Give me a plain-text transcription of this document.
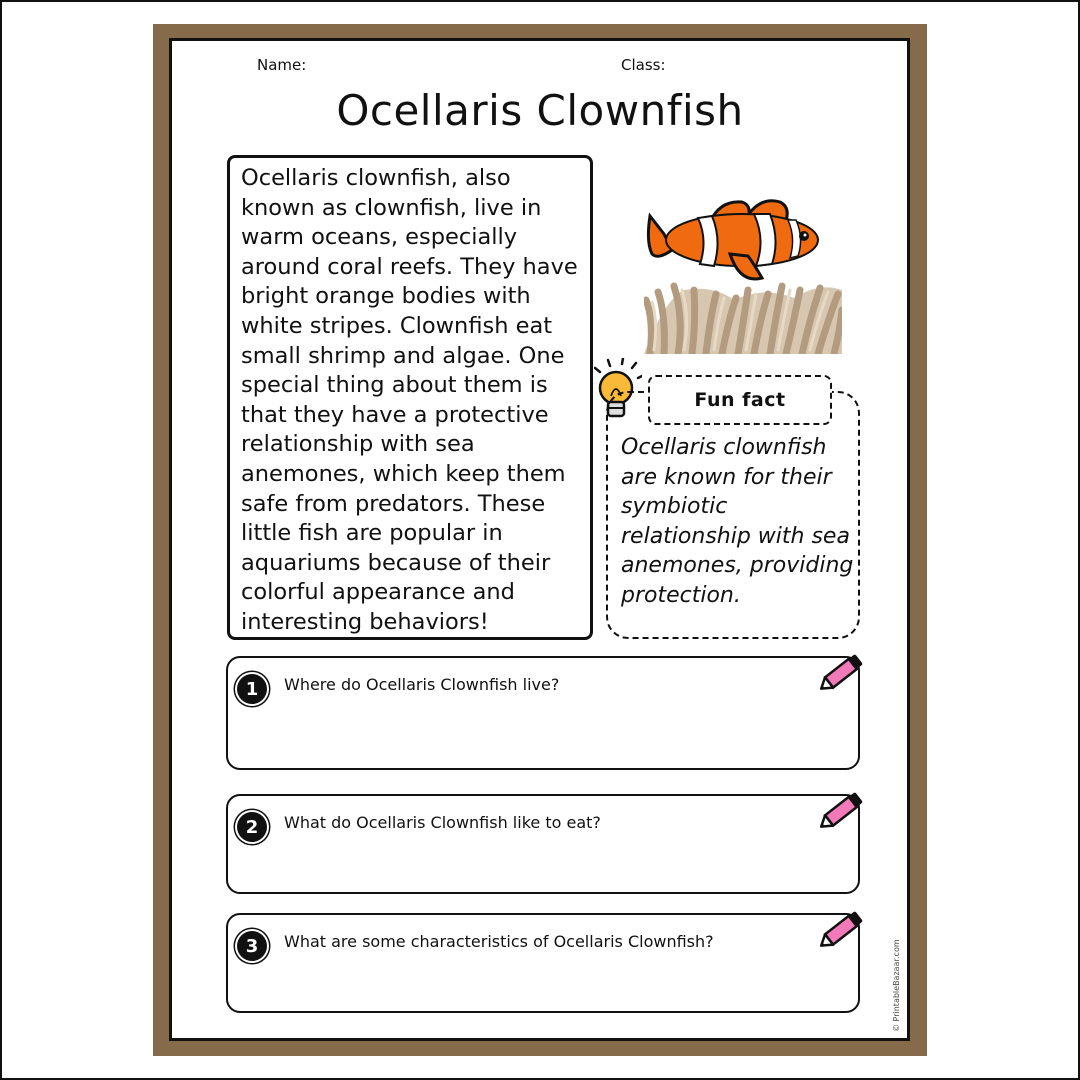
Name:	Class:
Ocellaris Clownfish
Ocellaris clownfish, also known as clownfish, live in warm oceans, especially around coral reefs. They have bright orange bodies with white stripes. Clownfish eat small shrimp and algae. One special thing about them is that they have a protective relationship with sea anemones, which keep them safe from predators. These little fish are popular in aquariums because of their colorful appearance and interesting behaviors!
Fun fact
Ocellaris clownfish are known for their symbiotic relationship with sea anemones, providing protection.
1	Where do Ocellaris Clownfish live?
2	What do Ocellaris Clownfish like to eat?
3	What are some characteristics of Ocellaris Clownfish?	© PrintableBazaar.com
